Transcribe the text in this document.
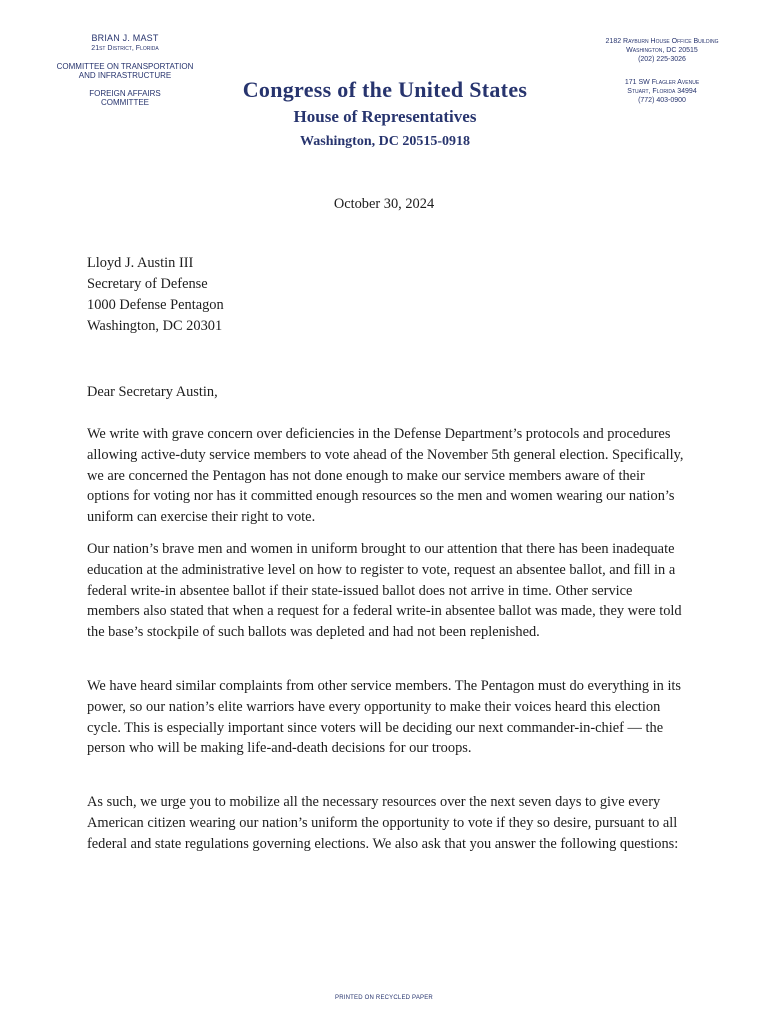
BRIAN J. MAST
21st District, Florida
COMMITTEE ON TRANSPORTATION
AND INFRASTRUCTURE
FOREIGN AFFAIRS
COMMITTEE
Congress of the United States
House of Representatives
Washington, DC 20515-0918
2182 Rayburn House Office Building
Washington, DC 20515
(202) 225-3026
171 SW Flagler Avenue
Stuart, Florida 34994
(772) 403-0900
October 30, 2024
Lloyd J. Austin III
Secretary of Defense
1000 Defense Pentagon
Washington, DC 20301
Dear Secretary Austin,

We write with grave concern over deficiencies in the Defense Department’s protocols and procedures allowing active-duty service members to vote ahead of the November 5th general election. Specifically, we are concerned the Pentagon has not done enough to make our service members aware of their options for voting nor has it committed enough resources so the men and women wearing our nation’s uniform can exercise their right to vote.

Our nation’s brave men and women in uniform brought to our attention that there has been inadequate education at the administrative level on how to register to vote, request an absentee ballot, and fill in a federal write-in absentee ballot if their state-issued ballot does not arrive in time. Other service members also stated that when a request for a federal write-in absentee ballot was made, they were told the base’s stockpile of such ballots was depleted and had not been replenished.

We have heard similar complaints from other service members. The Pentagon must do everything in its power, so our nation’s elite warriors have every opportunity to make their voices heard this election cycle. This is especially important since voters will be deciding our next commander-in-chief — the person who will be making life-and-death decisions for our troops.

As such, we urge you to mobilize all the necessary resources over the next seven days to give every American citizen wearing our nation’s uniform the opportunity to vote if they so desire, pursuant to all federal and state regulations governing elections. We also ask that you answer the following questions:

PRINTED ON RECYCLED PAPER
